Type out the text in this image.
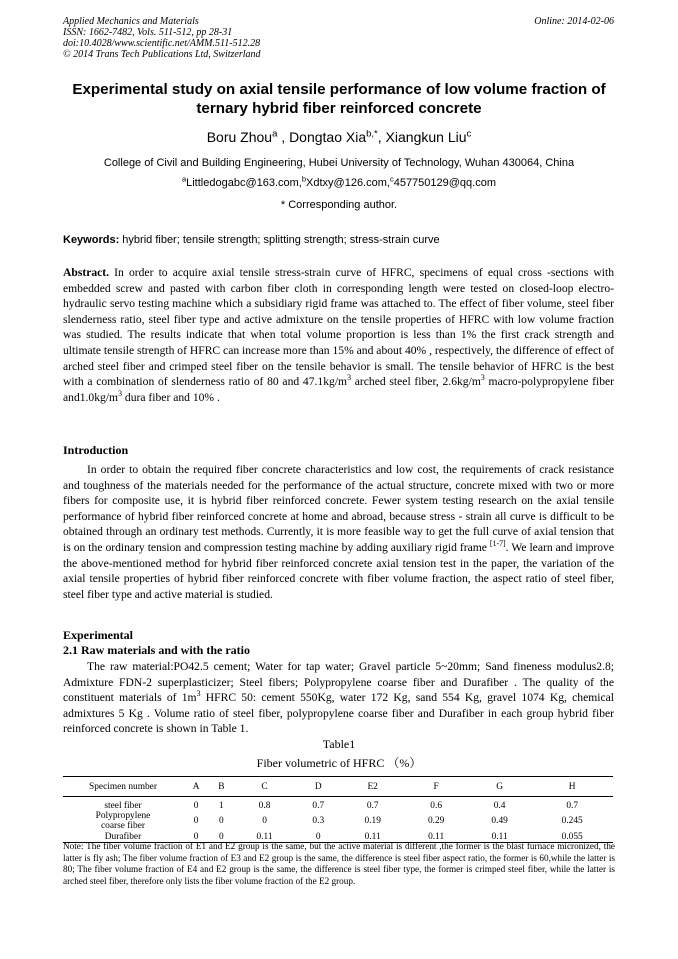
Applied Mechanics and Materials
ISSN: 1662-7482, Vols. 511-512, pp 28-31
doi:10.4028/www.scientific.net/AMM.511-512.28
© 2014 Trans Tech Publications Ltd, Switzerland
Online: 2014-02-06
Experimental study on axial tensile performance of low volume fraction of ternary hybrid fiber reinforced concrete
Boru Zhou$^a$ , Dongtao Xia$^{b,*}$, Xiangkun Liu$^c$
College of Civil and Building Engineering, Hubei University of Technology, Wuhan 430064, China
$^a$Littledogabc@163.com,$^b$Xdtxy@126.com,$^c$457750129@qq.com
* Corresponding author.
Keywords: hybrid fiber; tensile strength; splitting strength; stress-strain curve
Abstract. In order to acquire axial tensile stress-strain curve of HFRC, specimens of equal cross -sections with embedded screw and pasted with carbon fiber cloth in corresponding length were tested on closed-loop electro-hydraulic servo testing machine which a subsidiary rigid frame was attached to. The effect of fiber volume, steel fiber slenderness ratio, steel fiber type and active admixture on the tensile properties of HFRC with low volume fraction was studied. The results indicate that when total volume proportion is less than 1% the first crack strength and ultimate tensile strength of HFRC can increase more than 15% and about 40% , respectively, the difference of effect of arched steel fiber and crimped steel fiber on the tensile behavior is small. The tensile behavior of HFRC is the best with a combination of slenderness ratio of 80 and $47.1kg/m^3$ arched steel fiber, $2.6kg/m^3$ macro-polypropylene fiber $and1.0kg/m^3$ dura fiber and 10% .
Introduction
In order to obtain the required fiber concrete characteristics and low cost, the requirements of crack resistance and toughness of the materials needed for the performance of the actual structure, concrete mixed with two or more fibers for composite use, it is hybrid fiber reinforced concrete. Fewer system testing research on the axial tensile performance of hybrid fiber reinforced concrete at home and abroad, because stress - strain all curve is difficult to be obtained through an ordinary test methods. Currently, it is more feasible way to get the full curve of axial tension that is on the ordinary tension and compression testing machine by adding auxiliary rigid frame [1-7]. We learn and improve the above-mentioned method for hybrid fiber reinforced concrete axial tension test in the paper, the variation of the axial tensile properties of hybrid fiber reinforced concrete with fiber volume fraction, the aspect ratio of steel fiber, steel fiber type and active material is studied.
Experimental
2.1 Raw materials and with the ratio
The raw material:PO42.5 cement; Water for tap water; Gravel particle 5~20mm; Sand fineness modulus2.8; Admixture FDN-2 superplasticizer; Steel fibers; Polypropylene coarse fiber and Durafiber . The quality of the constituent materials of $1m^3$ HFRC 50: cement 550Kg, water 172 Kg, sand 554 Kg, gravel 1074 Kg, chemical admixtures 5 Kg . Volume ratio of steel fiber, polypropylene coarse fiber and Durafiber in each group hybrid fiber reinforced concrete is shown in Table 1.
Table1
Fiber volumetric of HFRC （%）
Specimen number	A	B	C	D	E2	F	G	H
steel fiber	0	1	0.8	0.7	0.7	0.6	0.4	0.7
Polypropylene coarse fiber	0	0	0	0.3	0.19	0.29	0.49	0.245
Durafiber	0	0	0.11	0	0.11	0.11	0.11	0.055
Note: The fiber volume fraction of E1 and E2 group is the same, but the active material is different ,the former is the blast furnace micronized, the latter is fly ash; The fiber volume fraction of E3 and E2 group is the same, the difference is steel fiber aspect ratio, the former is 60,while the latter is 80; The fiber volume fraction of E4 and E2 group is the same, the difference is steel fiber type, the former is crimped steel fiber, while the latter is arched steel fiber, therefore only lists the fiber volume fraction of the E2 group.
